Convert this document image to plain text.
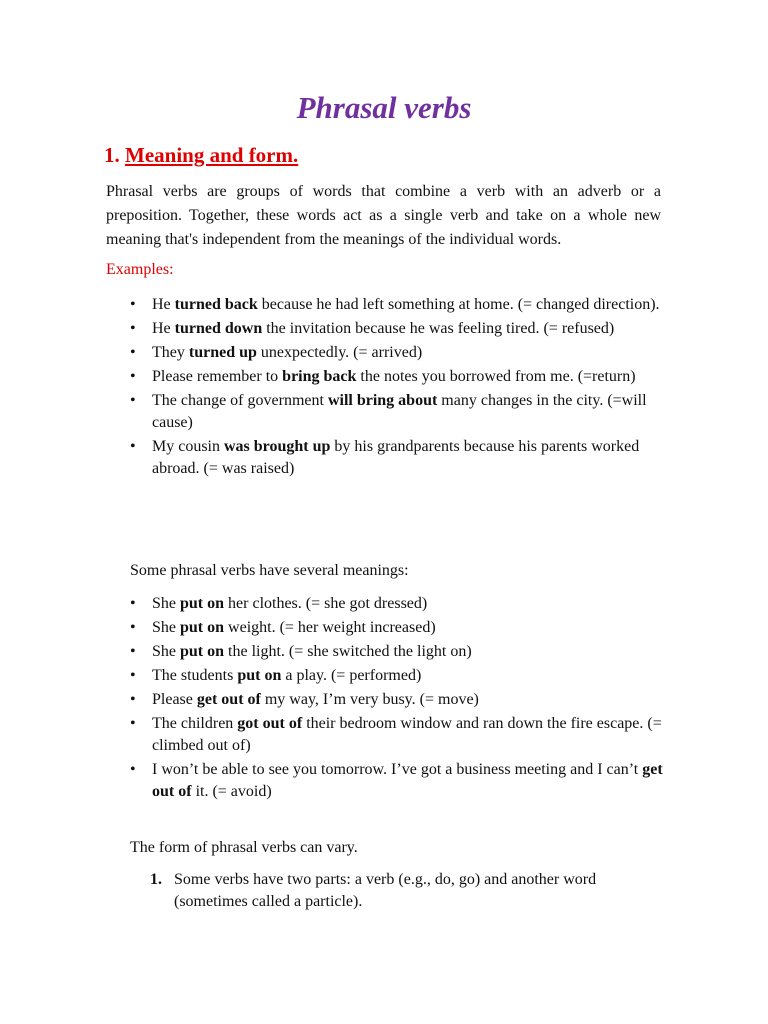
Phrasal verbs
1. Meaning and form.

Phrasal verbs are groups of words that combine a verb with an adverb or a preposition. Together, these words act as a single verb and take on a whole new meaning that's independent from the meanings of the individual words.

Examples:
• He turned back because he had left something at home. (= changed direction).
• He turned down the invitation because he was feeling tired. (= refused)
• They turned up unexpectedly. (= arrived)
• Please remember to bring back the notes you borrowed from me. (=return)
• The change of government will bring about many changes in the city. (=will cause)
• My cousin was brought up by his grandparents because his parents worked abroad. (= was raised)

Some phrasal verbs have several meanings:

• She put on her clothes. (= she got dressed)
• She put on weight. (= her weight increased)
• She put on the light. (= she switched the light on)
• The students put on a play. (= performed)
• Please get out of my way, I’m very busy. (= move)
• The children got out of their bedroom window and ran down the fire escape. (= climbed out of)
• I won’t be able to see you tomorrow. I’ve got a business meeting and I can’t get out of it. (= avoid)

The form of phrasal verbs can vary.

1. Some verbs have two parts: a verb (e.g., do, go) and another word (sometimes called a particle).
